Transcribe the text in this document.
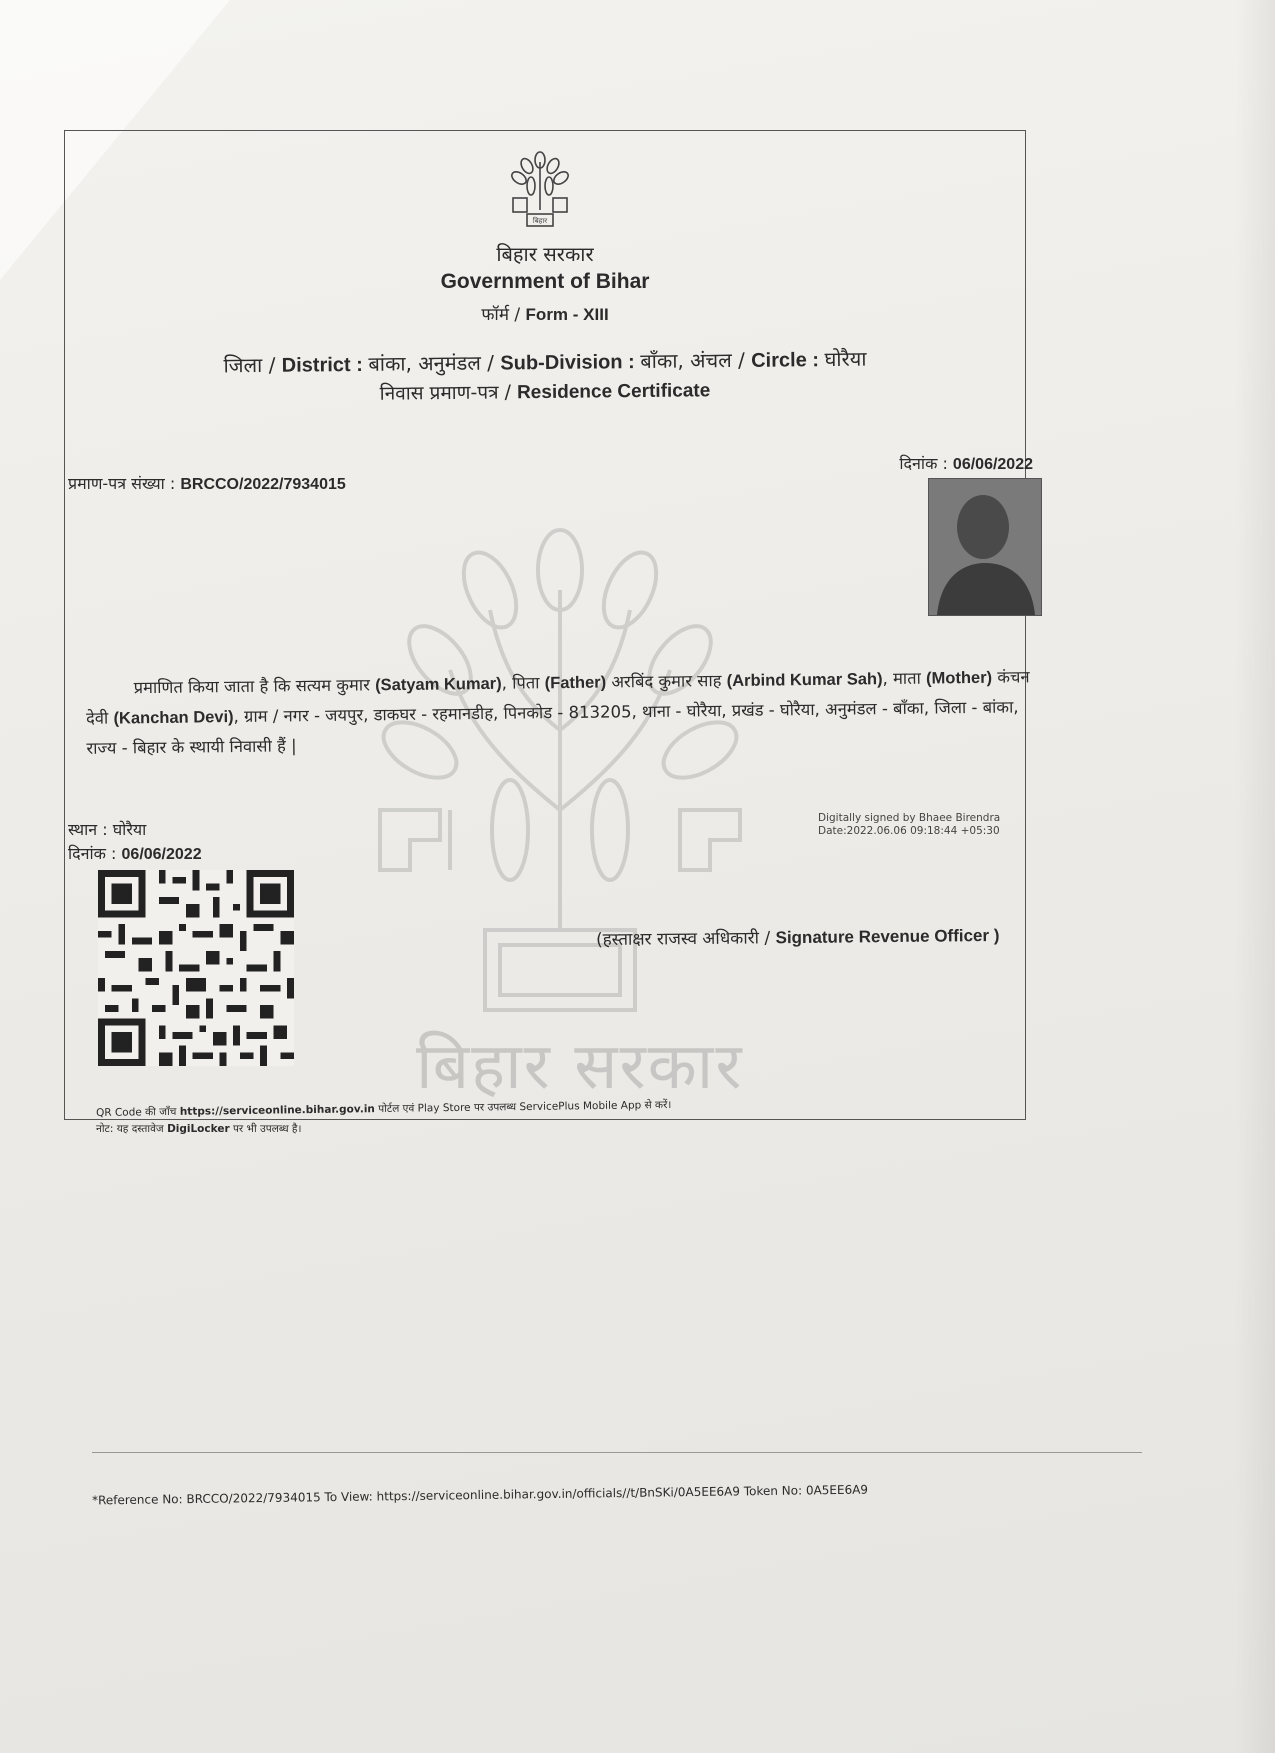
बिहार सरकार
बिहार
बिहार सरकार
Government of Bihar
फॉर्म / Form - XIII
जिला / District : बांका, अनुमंडल / Sub-Division : बाँका, अंचल / Circle : घोरैया
निवास प्रमाण-पत्र / Residence Certificate
प्रमाण-पत्र संख्या : BRCCO/2022/7934015
दिनांक : 06/06/2022

प्रमाणित किया जाता है कि सत्यम कुमार (Satyam Kumar), पिता (Father) अरबिंद कुमार साह (Arbind Kumar Sah), माता (Mother) कंचन देवी (Kanchan Devi), ग्राम / नगर - जयपुर, डाकघर - रहमानडीह, पिनकोड - 813205, थाना - घोरैया, प्रखंड - घोरैया, अनुमंडल - बाँका, जिला - बांका, राज्य - बिहार के स्थायी निवासी हैं |

स्थान : घोरैया
दिनांक : 06/06/2022
Digitally signed by Bhaee Birendra
Date:2022.06.06 09:18:44 +05:30
(हस्ताक्षर राजस्व अधिकारी / Signature Revenue Officer )
QR Code की जाँच https://serviceonline.bihar.gov.in पोर्टल एवं Play Store पर उपलब्ध ServicePlus Mobile App से करें।
नोट: यह दस्तावेज DigiLocker पर भी उपलब्ध है।
*Reference No: BRCCO/2022/7934015 To View: https://serviceonline.bihar.gov.in/officials//t/BnSKi/0A5EE6A9 Token No: 0A5EE6A9
